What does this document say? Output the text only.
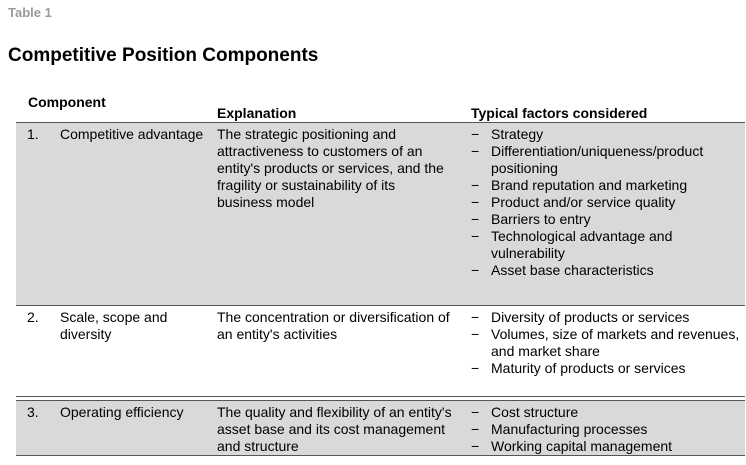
Table 1
Competitive Position Components
Component
Explanation	Typical factors considered
1. Competitive advantage The strategic positioning and attractiveness to customers of an entity's products or services, and the fragility or sustainability of its business model
− Strategy
− Differentiation/uniqueness/product positioning
− Brand reputation and marketing
− Product and/or service quality
− Barriers to entry
− Technological advantage and vulnerability
− Asset base characteristics
2. Scale, scope and diversity
The concentration or diversification of an entity's activities
− Diversity of products or services
− Volumes, size of markets and revenues, and market share
− Maturity of products or services
3. Operating efficiency	The quality and flexibility of an entity's asset base and its cost management and structure
− Cost structure
− Manufacturing processes
− Working capital management
